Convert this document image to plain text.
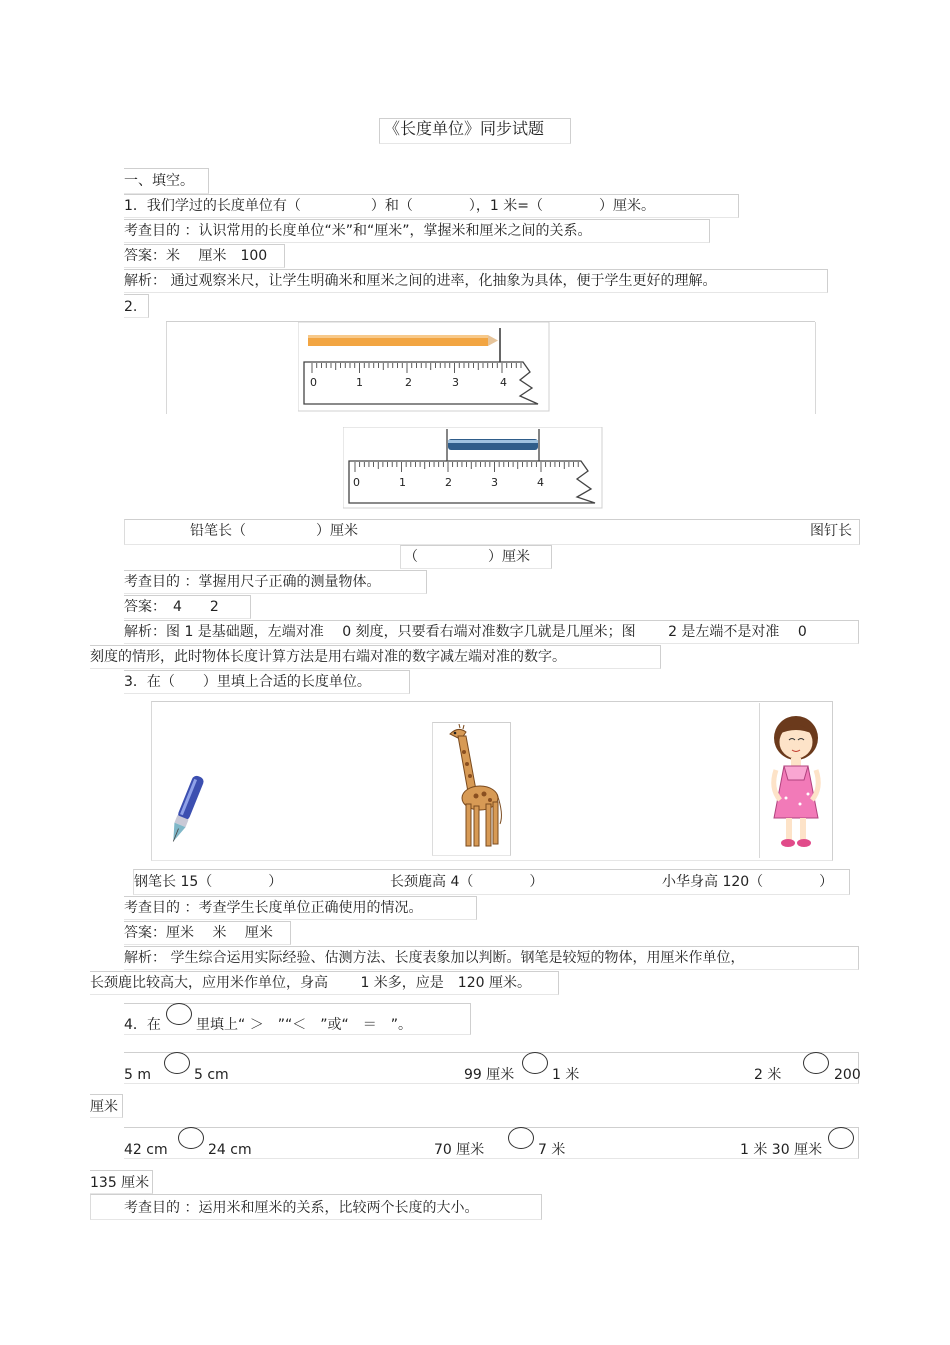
《长度单位》同步试题
一、填空。
1．我们学过的长度单位有（　　　　　）和（　　　　），1 米=（　　　　）厘米。
考查目的 ：认识常用的长度单位“米”和“厘米”，掌握米和厘米之间的关系。
答案：米　 厘米　100
解析： 通过观察米尺，让学生明确米和厘米之间的进率，化抽象为具体，便于学生更好的理解。
2.
0	1	2	3	4
0	1	2	3	4
铅笔长（　　　　　）厘米	图钉长
（　　　　　）厘米
考查目的 ：掌握用尺子正确的测量物体。
答案：　4　　2
解析：图 1 是基础题，左端对准　 0 刻度，只要看右端对准数字几就是几厘米；图　　 2 是左端不是对准　 0
刻度的情形，此时物体长度计算方法是用右端对准的数字减左端对准的数字。
3．在（　　）里填上合适的长度单位。
钢笔长 15（　　　　）	长颈鹿高 4（　　　　）	小华身高 120（　　　　）
考查目的 ：考查学生长度单位正确使用的情况。
答案：厘米　 米　 厘米
解析： 学生综合运用实际经验、估测方法、长度表象加以判断。钢笔是较短的物体，用厘米作单位，
长颈鹿比较高大，应用米作单位，身高　　 1 米多，应是　120 厘米。
4．在	里填上“ ＞　”“＜　”或“　＝　”。
5 m	5 cm	99 厘米	1 米	2 米	200
厘米
42 cm	24 cm	70 厘米	7 米	1 米 30 厘米
135 厘米
考查目的 ：运用米和厘米的关系，比较两个长度的大小。
